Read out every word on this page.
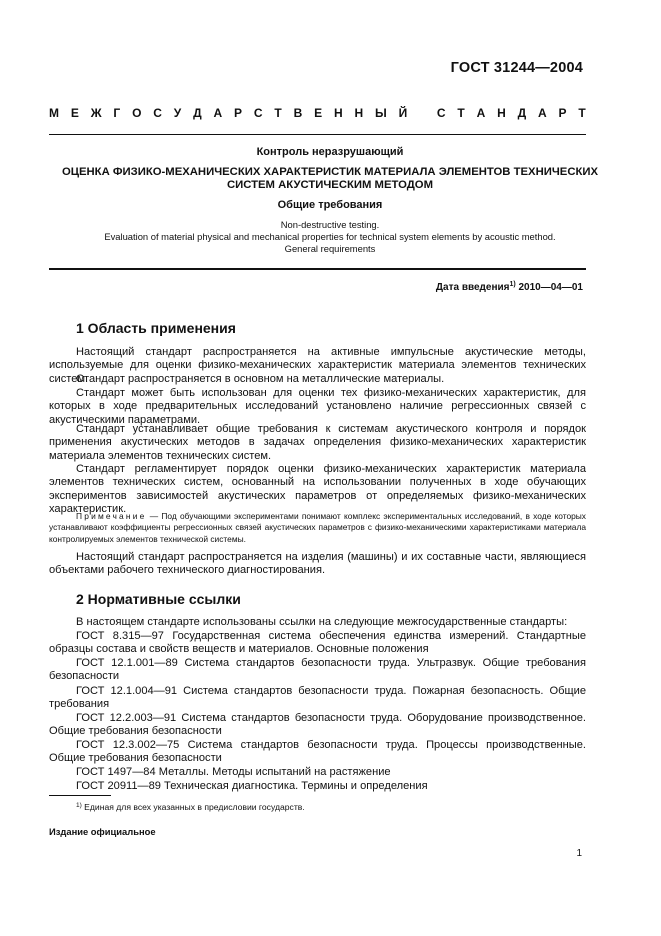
ГОСТ 31244—2004
М Е Ж Г О С У Д А Р С Т В Е Н Н Ы Й С Т А Н Д А Р Т
Контроль неразрушающий
ОЦЕНКА ФИЗИКО-МЕХАНИЧЕСКИХ ХАРАКТЕРИСТИК МАТЕРИАЛА ЭЛЕМЕНТОВ ТЕХНИЧЕСКИХ
СИСТЕМ АКУСТИЧЕСКИМ МЕТОДОМ
Общие требования
Non-destructive testing.
Evaluation of material physical and mechanical properties for technical system elements by acoustic method.
General requirements
Дата введения$^{1)}$ 2010—04—01
1 Область применения

Настоящий стандарт распространяется на активные импульсные акустические методы, используемые для оценки физико-механических характеристик материала элементов технических систем.

Стандарт распространяется в основном на металлические материалы.

Стандарт может быть использован для оценки тех физико-механических характеристик, для которых в ходе предварительных исследований установлено наличие регрессионных связей с акустическими параметрами.

Стандарт устанавливает общие требования к системам акустического контроля и порядок применения акустических методов в задачах определения физико-механических характеристик материала элементов технических систем.

Стандарт регламентирует порядок оценки физико-механических характеристик материала элементов технических систем, основанный на использовании полученных в ходе обучающих экспериментов зависимостей акустических параметров от определяемых физико-механических характеристик.

Примечание — Под обучающими экспериментами понимают комплекс экспериментальных исследований, в ходе которых устанавливают коэффициенты регрессионных связей акустических параметров с физико-механическими характеристиками материала контролируемых элементов технической системы.

Настоящий стандарт распространяется на изделия (машины) и их составные части, являющиеся объектами рабочего технического диагностирования.

2 Нормативные ссылки

В настоящем стандарте использованы ссылки на следующие межгосударственные стандарты:

ГОСТ 8.315—97 Государственная система обеспечения единства измерений. Стандартные образцы состава и свойств веществ и материалов. Основные положения

ГОСТ 12.1.001—89 Система стандартов безопасности труда. Ультразвук. Общие требования безопасности

ГОСТ 12.1.004—91 Система стандартов безопасности труда. Пожарная безопасность. Общие требования

ГОСТ 12.2.003—91 Система стандартов безопасности труда. Оборудование производственное. Общие требования безопасности

ГОСТ 12.3.002—75 Система стандартов безопасности труда. Процессы производственные. Общие требования безопасности

ГОСТ 1497—84 Металлы. Методы испытаний на растяжение

ГОСТ 20911—89 Техническая диагностика. Термины и определения

$^{1)}$ Единая для всех указанных в предисловии государств.
Издание официальное
1
